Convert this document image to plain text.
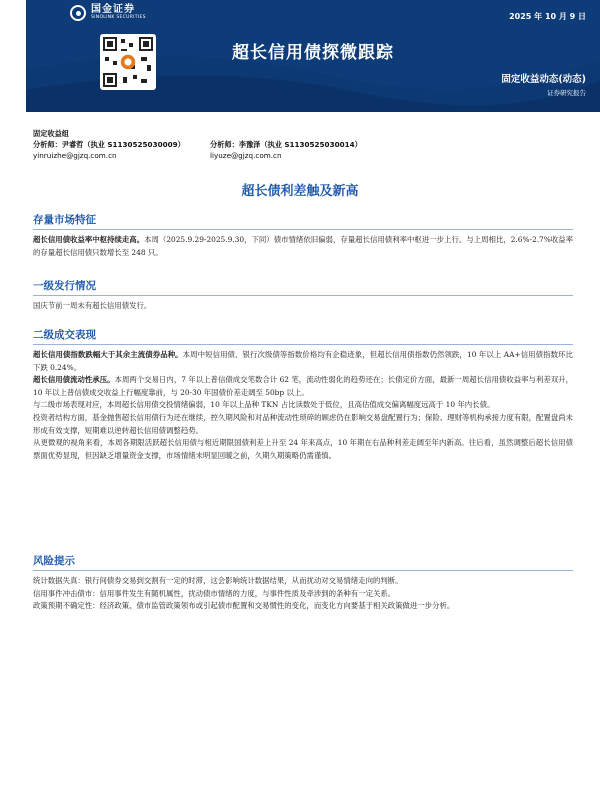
国金证券
SINOLINK SECURITIES	2025 年 10 月 9 日
超长信用债探微跟踪
固定收益动态(动态)
证券研究报告
固定收益组
分析师：尹睿哲（执业 S1130525030009）	分析师：李豫泽（执业 S1130525030014）
yinruizhe@gjzq.com.cn	liyuze@gjzq.com.cn
超长债利差触及新高
存量市场特征

超长信用债收益率中枢持续走高。本周（2025.9.29-2025.9.30，下同）债市情绪依旧偏弱，存量超长信用债利率中枢进一步上行。与上周相比，2.6%-2.7%收益率的存量超长信用债只数增长至 248 只。

一级发行情况

国庆节前一周未有超长信用债发行。

二级成交表现

超长信用债指数跌幅大于其余主流债券品种。本周中短信用债、银行次级债等指数价格均有企稳迹象，但超长信用债指数仍然领跌，10 年以上 AA+信用债指数环比下跌 0.24%。

超长信用债流动性承压。本周两个交易日内，7 年以上普信债成交笔数合计 62 笔，流动性弱化的趋势还在；长债定价方面，最新一周超长信用债收益率与利差双升，10 年以上普信债成交收益上行幅度靠前，与 20-30 年国债价差走阔至 50bp 以上。

与二级市场表现对应，本周超长信用债交投情绪偏弱，10 年以上品种 TKN 占比读数处于低位，且高估值成交偏离幅度远高于 10 年内长债。

投资者结构方面，基金抛售超长信用债行为还在继续，控久期风险和对品种流动性琐碎的顾虑仍在影响交易盘配置行为；保险、理财等机构承接力度有限，配置盘尚未形成有效支撑，短期难以逆转超长信用债调整趋势。

从更微观的视角来看，本周各期限活跃超长信用债与相近期限国债利差上升至 24 年来高点，10 年期在右品种利差走阔至年内新高。往后看，虽然调整后超长信用债票面优势显现，但因缺乏增量资金支撑，市场情绪未明显回暖之前，久期久期策略仍需谨慎。

风险提示

统计数据失真：银行间债券交易到交割有一定的时滞，这会影响统计数据结果，从而扰动对交易情绪走向的判断。

信用事件冲击债市：信用事件发生有随机属性，扰动债市情绪的力度，与事件性质及牵涉到的条种有一定关系。

政策预期不确定性：经济政策、债市监管政策领布或引起债市配置和交易惯性的变化，而变化方向要基于相关政策做进一步分析。
